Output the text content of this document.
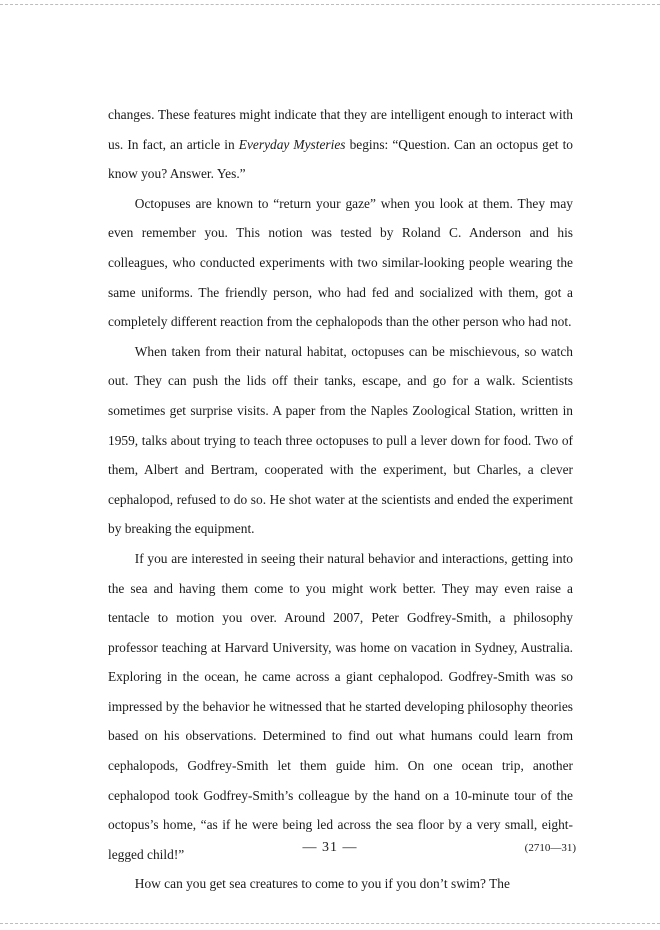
changes. These features might indicate that they are intelligent enough to interact with us. In fact, an article in Everyday Mysteries begins: “Question. Can an octopus get to know you? Answer. Yes.”

Octopuses are known to “return your gaze” when you look at them. They may even remember you. This notion was tested by Roland C. Anderson and his colleagues, who conducted experiments with two similar-looking people wearing the same uniforms. The friendly person, who had fed and socialized with them, got a completely different reaction from the cephalopods than the other person who had not.

When taken from their natural habitat, octopuses can be mischievous, so watch out. They can push the lids off their tanks, escape, and go for a walk. Scientists sometimes get surprise visits. A paper from the Naples Zoological Station, written in 1959, talks about trying to teach three octopuses to pull a lever down for food. Two of them, Albert and Bertram, cooperated with the experiment, but Charles, a clever cephalopod, refused to do so. He shot water at the scientists and ended the experiment by breaking the equipment.

If you are interested in seeing their natural behavior and interactions, getting into the sea and having them come to you might work better. They may even raise a tentacle to motion you over. Around 2007, Peter Godfrey-Smith, a philosophy professor teaching at Harvard University, was home on vacation in Sydney, Australia. Exploring in the ocean, he came across a giant cephalopod. Godfrey-Smith was so impressed by the behavior he witnessed that he started developing philosophy theories based on his observations. Determined to find out what humans could learn from cephalopods, Godfrey-Smith let them guide him. On one ocean trip, another cephalopod took Godfrey-Smith’s colleague by the hand on a 10-minute tour of the octopus’s home, “as if he were being led across the sea floor by a very small, eight-legged child!”

How can you get sea creatures to come to you if you don’t swim? The

— 31 —	(2710—31)
